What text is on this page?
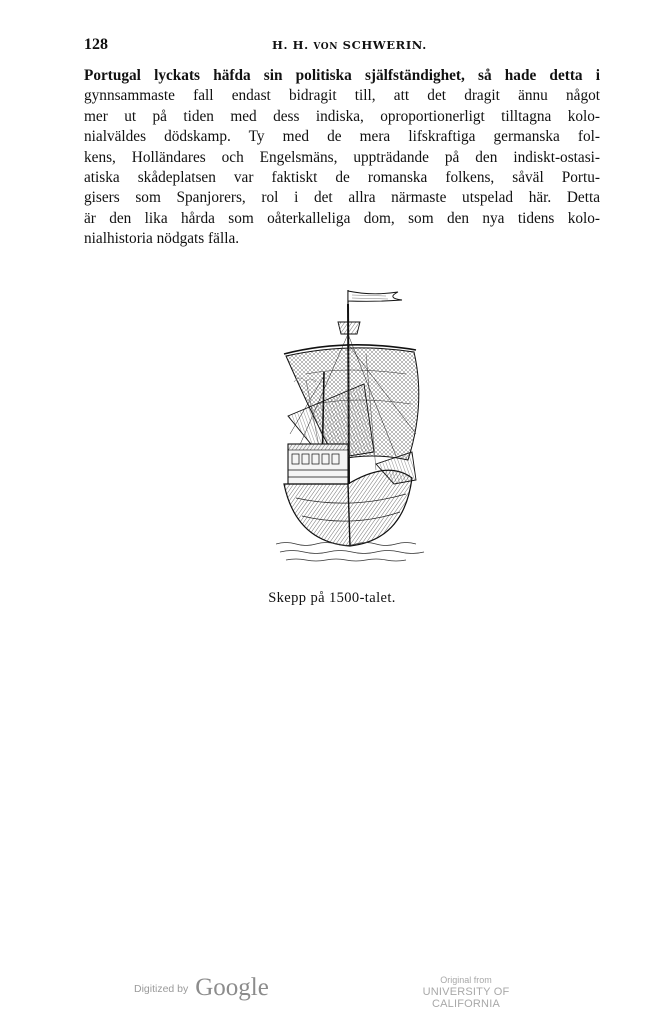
128	H. H. VON SCHWERIN.
Portugal lyckats häfda sin politiska själfständighet, så hade detta i
gynnsammaste fall endast bidragit till, att det dragit ännu något
mer ut på tiden med dess indiska, oproportionerligt tilltagna kolo-
nialväldes dödskamp. Ty med de mera lifskraftiga germanska fol-
kens, Holländares och Engelsmäns, uppträdande på den indiskt-ostasi-
atiska skådeplatsen var faktiskt de romanska folkens, såväl Portu-
gisers som Spanjorers, rol i det allra närmaste utspelad här. Detta
är den lika hårda som oåterkalleliga dom, som den nya tidens kolo-
nialhistoria nödgats fälla.
Skepp på 1500-talet.
Digitized by Google	Original from
UNIVERSITY OF CALIFORNIA
